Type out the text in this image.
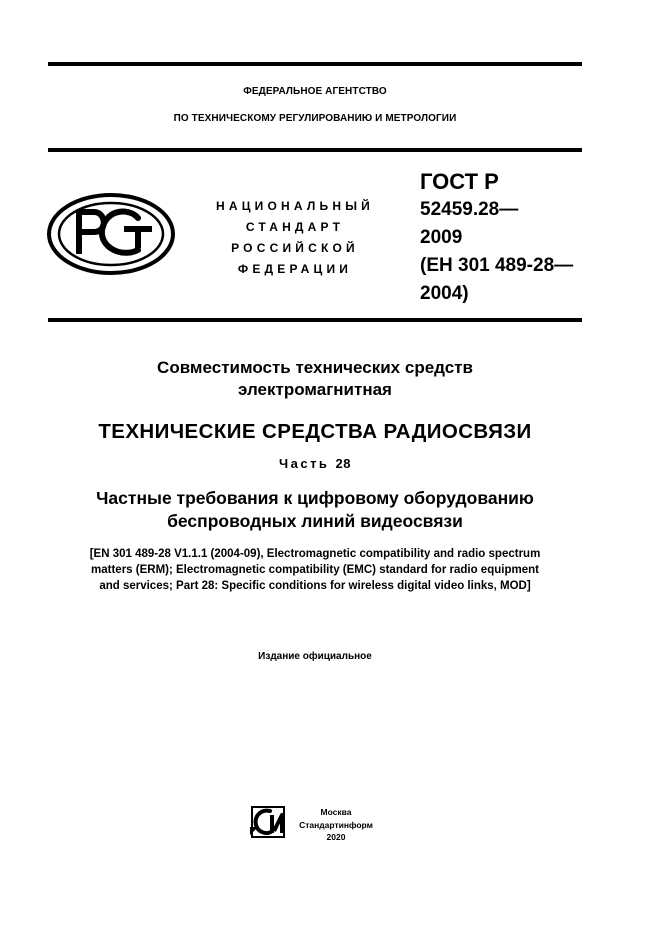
ФЕДЕРАЛЬНОЕ АГЕНТСТВО
ПО ТЕХНИЧЕСКОМУ РЕГУЛИРОВАНИЮ И МЕТРОЛОГИИ
НАЦИОНАЛЬНЫЙ
СТАНДАРТ
РОССИЙСКОЙ
ФЕДЕРАЦИИ
ГОСТ Р
52459.28—
2009
(ЕН 301 489-28—
2004)
Совместимость технических средств
электромагнитная
ТЕХНИЧЕСКИЕ СРЕДСТВА РАДИОСВЯЗИ
Часть 28
Частные требования к цифровому оборудованию
беспроводных линий видеосвязи
[EN 301 489-28 V1.1.1 (2004-09), Electromagnetic compatibility and radio spectrum
matters (ERM); Electromagnetic compatibility (EMC) standard for radio equipment
and services; Part 28: Specific conditions for wireless digital video links, MOD]
Издание официальное
Москва
Стандартинформ
2020
